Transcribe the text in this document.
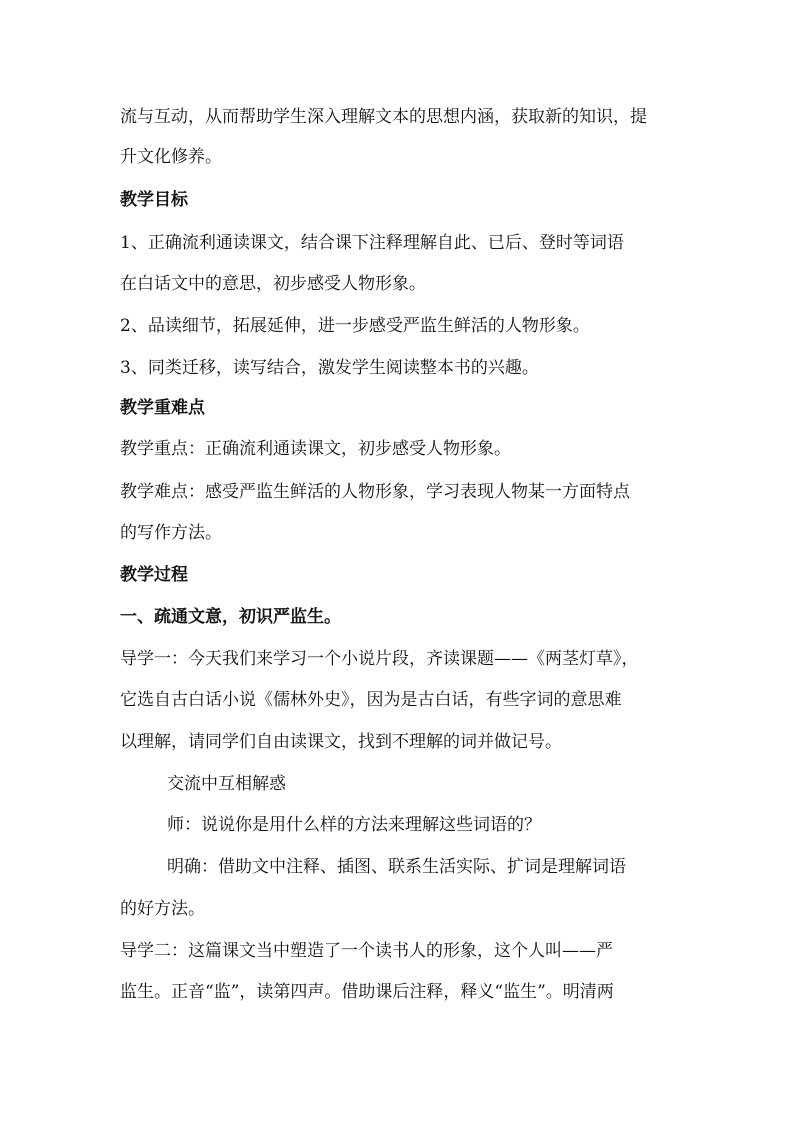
流与互动，从而帮助学生深入理解文本的思想内涵，获取新的知识，提
升文化修养。
教学目标
1、正确流利通读课文，结合课下注释理解自此、已后、登时等词语
在白话文中的意思，初步感受人物形象。
2、品读细节，拓展延伸，进一步感受严监生鲜活的人物形象。
3、同类迁移，读写结合，激发学生阅读整本书的兴趣。
教学重难点
教学重点：正确流利通读课文，初步感受人物形象。
教学难点：感受严监生鲜活的人物形象，学习表现人物某一方面特点
的写作方法。
教学过程
一、疏通文意，初识严监生。
导学一：今天我们来学习一个小说片段，齐读课题——《两茎灯草》，
它选自古白话小说《儒林外史》，因为是古白话，有些字词的意思难
以理解，请同学们自由读课文，找到不理解的词并做记号。
交流中互相解惑
师：说说你是用什么样的方法来理解这些词语的？
明确：借助文中注释、插图、联系生活实际、扩词是理解词语
的好方法。
导学二：这篇课文当中塑造了一个读书人的形象，这个人叫——严
监生。正音“监”，读第四声。借助课后注释，释义“监生”。明清两
